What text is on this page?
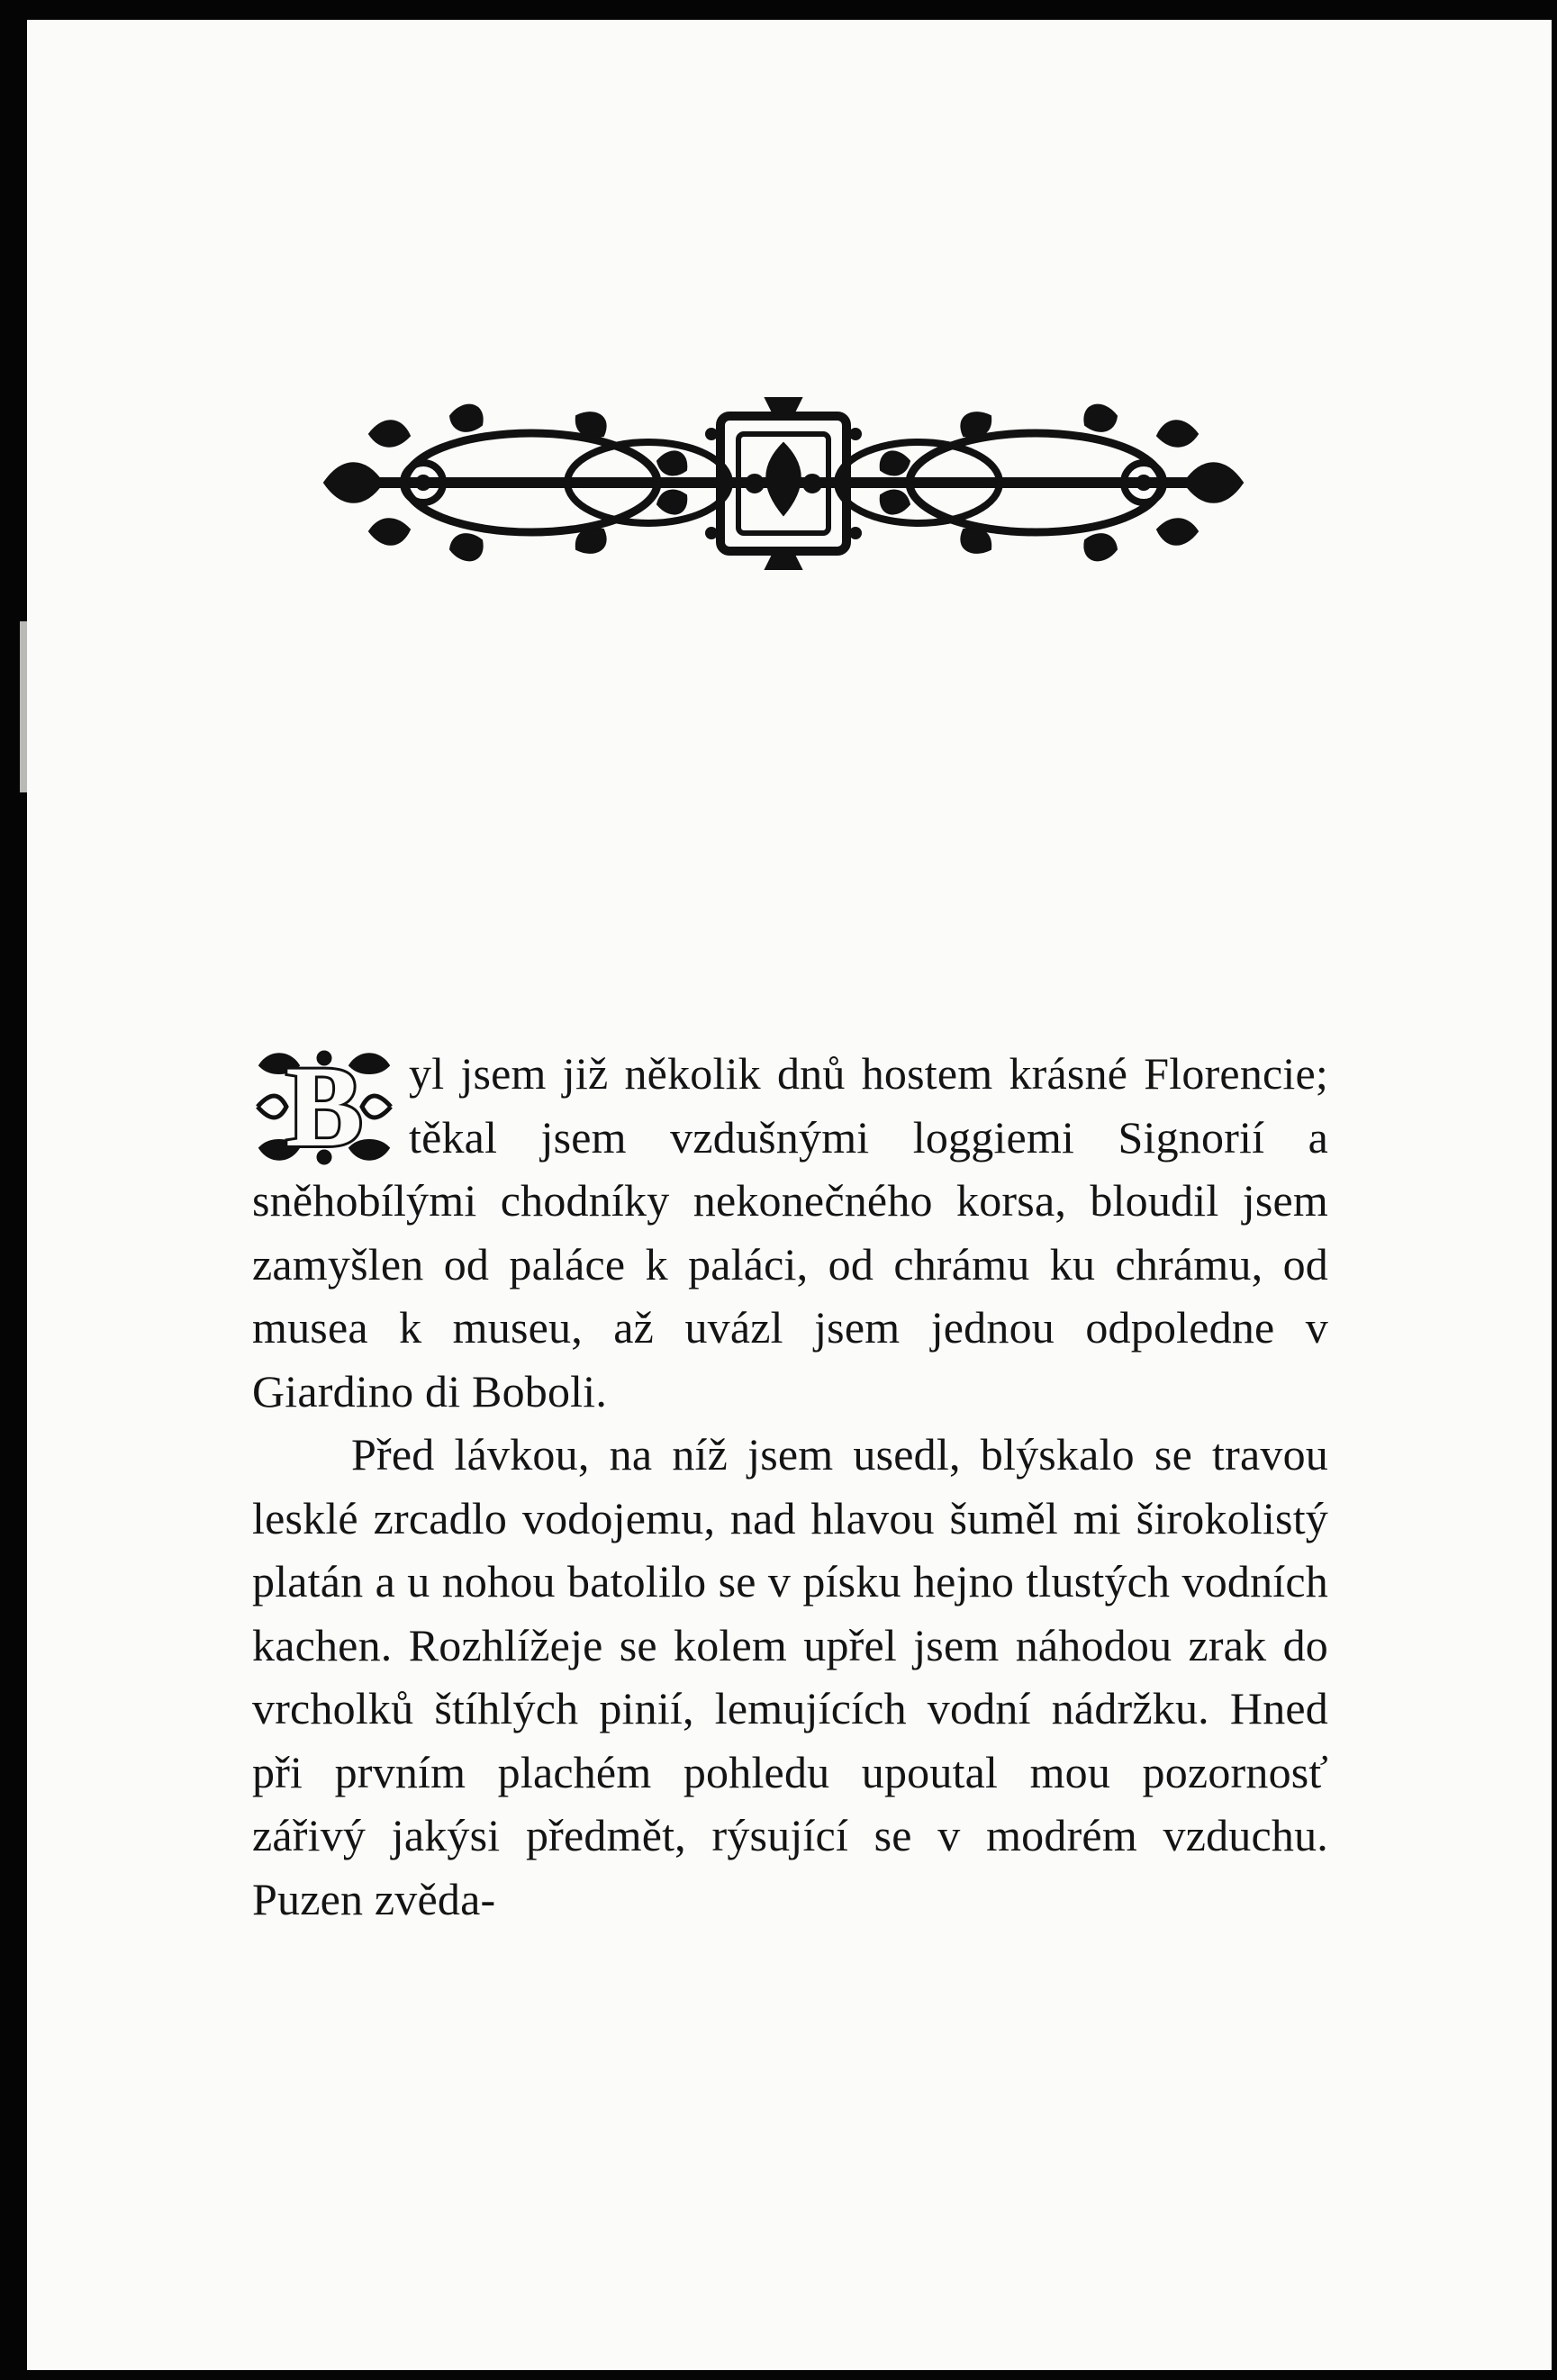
B	yl jsem již několik dnů hostem krásné Florencie; těkal jsem vzdušnými loggiemi Signorií a sněhobílými chodníky nekonečného korsa, bloudil jsem zamyšlen od paláce k paláci, od chrámu ku chrámu, od musea k museu, až uvázl jsem jednou odpoledne v Giardino di Boboli.

Před lávkou, na níž jsem usedl, blýskalo se travou lesklé zrcadlo vodojemu, nad hlavou šuměl mi širokolistý platán a u nohou batolilo se v písku hejno tlustých vodních kachen. Rozhlížeje se kolem upřel jsem náhodou zrak do vrcholků štíhlých pinií, lemujících vodní nádržku. Hned při prvním plachém pohledu upoutal mou pozornosť zářivý jakýsi předmět, rýsující se v modrém vzduchu. Puzen zvěda-
